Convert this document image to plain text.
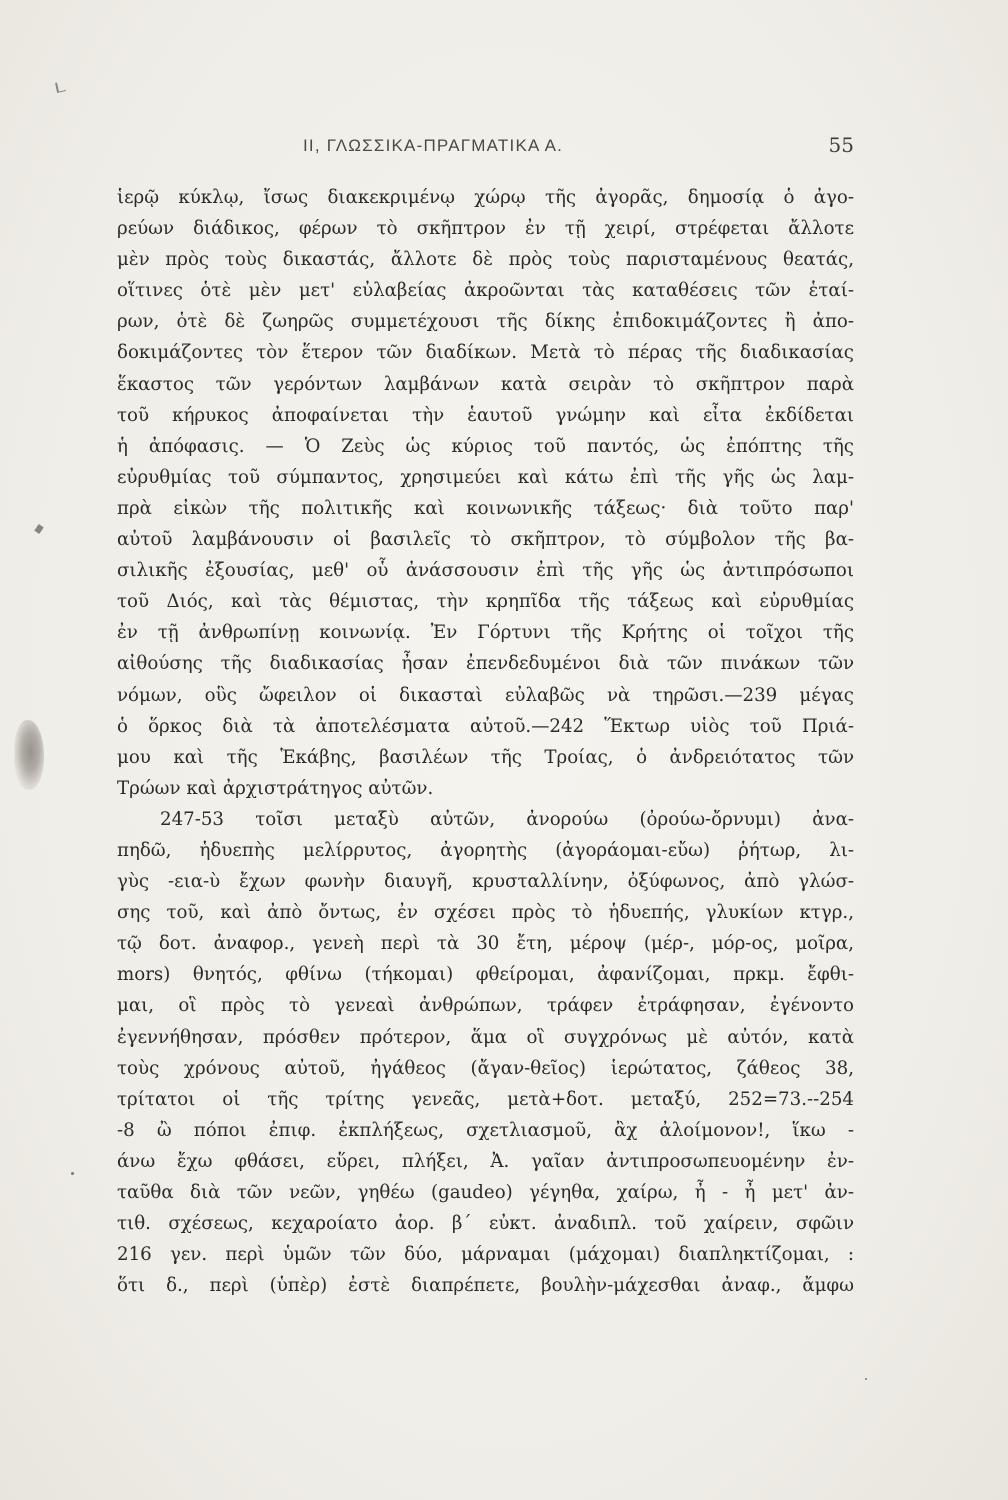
II, ΓΛΩΣΣΙΚΑ-ΠΡΑΓΜΑΤΙΚΑ Α.	55
ἱερῷ κύκλῳ, ἴσως διακεκριμένῳ χώρῳ τῆς ἀγορᾶς, δημοσίᾳ ὁ ἀγο-
ρεύων διάδικος, φέρων τὸ σκῆπτρον ἐν τῇ χειρί, στρέφεται ἄλλοτε
μὲν πρὸς τοὺς δικαστάς, ἄλλοτε δὲ πρὸς τοὺς παρισταμένους θεατάς,
οἵτινες ὁτὲ μὲν μετ' εὐλαβείας ἀκροῶνται τὰς καταθέσεις τῶν ἑταί-
ρων, ὁτὲ δὲ ζωηρῶς συμμετέχουσι τῆς δίκης ἐπιδοκιμάζοντες ἢ ἀπο-
δοκιμάζοντες τὸν ἕτερον τῶν διαδίκων. Μετὰ τὸ πέρας τῆς διαδικασίας
ἕκαστος τῶν γερόντων λαμβάνων κατὰ σειρὰν τὸ σκῆπτρον παρὰ
τοῦ κήρυκος ἀποφαίνεται τὴν ἑαυτοῦ γνώμην καὶ εἶτα ἐκδίδεται
ἡ ἀπόφασις. — Ὁ Ζεὺς ὡς κύριος τοῦ παντός, ὡς ἐπόπτης τῆς
εὐρυθμίας τοῦ σύμπαντος, χρησιμεύει καὶ κάτω ἐπὶ τῆς γῆς ὡς λαμ-
πρὰ εἰκὼν τῆς πολιτικῆς καὶ κοινωνικῆς τάξεως· διὰ τοῦτο παρ'
αὐτοῦ λαμβάνουσιν οἱ βασιλεῖς τὸ σκῆπτρον, τὸ σύμβολον τῆς βα-
σιλικῆς ἐξουσίας, μεθ' οὗ ἀνάσσουσιν ἐπὶ τῆς γῆς ὡς ἀντιπρόσωποι
τοῦ Διός, καὶ τὰς θέμιστας, τὴν κρηπῖδα τῆς τάξεως καὶ εὐρυθμίας
ἐν τῇ ἀνθρωπίνῃ κοινωνίᾳ. Ἐν Γόρτυνι τῆς Κρήτης οἱ τοῖχοι τῆς
αἰθούσης τῆς διαδικασίας ἦσαν ἐπενδεδυμένοι διὰ τῶν πινάκων τῶν
νόμων, οὓς ὤφειλον οἱ δικασταὶ εὐλαβῶς νὰ τηρῶσι.—239 μέγας
ὁ ὅρκος διὰ τὰ ἀποτελέσματα αὐτοῦ.—242 Ἕκτωρ υἱὸς τοῦ Πριά-
μου καὶ τῆς Ἑκάβης, βασιλέων τῆς Τροίας, ὁ ἀνδρειότατος τῶν
Τρώων καὶ ἀρχιστράτηγος αὐτῶν.
247-53 τοῖσι μεταξὺ αὐτῶν, ἀνορούω (ὀρούω-ὄρνυμι) ἀνα-
πηδῶ, ἡδυεπὴς μελίρρυτος, ἀγορητὴς (ἀγοράομαι-εὔω) ῥήτωρ, λι-
γὺς -εια-ὺ ἔχων φωνὴν διαυγῆ, κρυσταλλίνην, ὀξύφωνος, ἀπὸ γλώσ-
σης τοῦ, καὶ ἀπὸ ὄντως, ἐν σχέσει πρὸς τὸ ἡδυεπής, γλυκίων κτγρ.,
τῷ δοτ. ἀναφορ., γενεὴ περὶ τὰ 30 ἔτη, μέροψ (μέρ-, μόρ-ος, μοῖρα,
mors) θνητός, φθίνω (τήκομαι) φθείρομαι, ἀφανίζομαι, πρκμ. ἔφθι-
μαι, οἳ πρὸς τὸ γενεαὶ ἀνθρώπων, τράφεν ἐτράφησαν, ἐγένοντο
ἐγεννήθησαν, πρόσθεν πρότερον, ἅμα οἳ συγχρόνως μὲ αὐτόν, κατὰ
τοὺς χρόνους αὐτοῦ, ἠγάθεος (ἄγαν-θεῖος) ἱερώτατος, ζάθεος 38,
τρίτατοι οἱ τῆς τρίτης γενεᾶς, μετὰ+δοτ. μεταξύ, 252=73.--254
-8 ὢ πόποι ἐπιφ. ἐκπλήξεως, σχετλιασμοῦ, ἂχ ἀλοίμονον!, ἵκω -
άνω ἔχω φθάσει, εὕρει, πλήξει, Ἀ. γαῖαν ἀντιπροσωπευομένην ἐν-
ταῦθα διὰ τῶν νεῶν, γηθέω (gaudeo) γέγηθα, χαίρω, ἦ - ἦ μετ' ἀν-
τιθ. σχέσεως, κεχαροίατο ἀορ. β΄ εὐκτ. ἀναδιπλ. τοῦ χαίρειν, σφῶιν
216 γεν. περὶ ὑμῶν τῶν δύο, μάρναμαι (μάχομαι) διαπληκτίζομαι, :
ὅτι δ., περὶ (ὑπὲρ) ἐστὲ διαπρέπετε, βουλὴν-μάχεσθαι ἀναφ., ἄμφω
